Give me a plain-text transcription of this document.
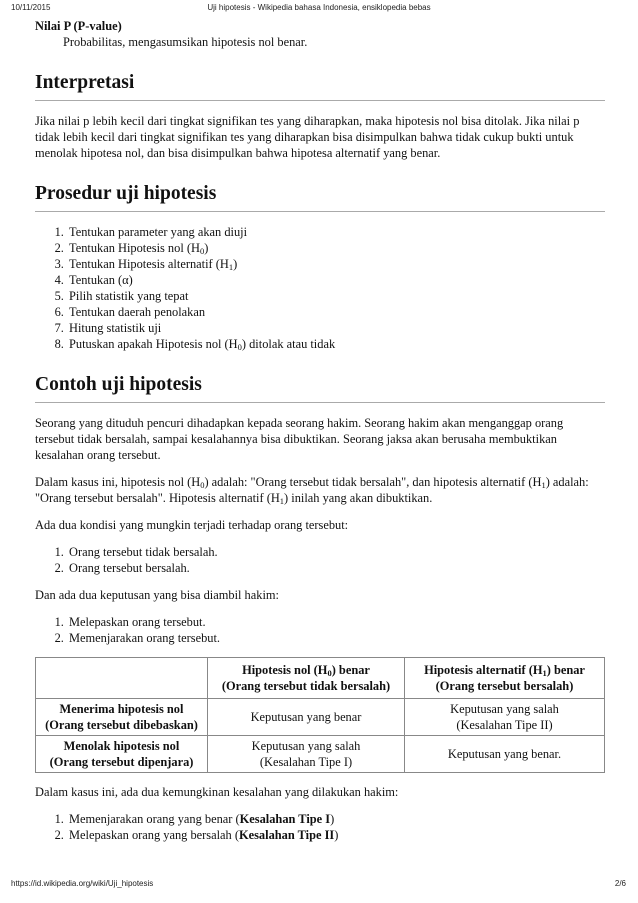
10/11/2015	Uji hipotesis - Wikipedia bahasa Indonesia, ensiklopedia bebas

Nilai P (P-value)

Probabilitas, mengasumsikan hipotesis nol benar.

Interpretasi

Jika nilai p lebih kecil dari tingkat signifikan tes yang diharapkan, maka hipotesis nol bisa ditolak. Jika nilai p tidak lebih kecil dari tingkat signifikan tes yang diharapkan bisa disimpulkan bahwa tidak cukup bukti untuk menolak hipotesa nol, dan bisa disimpulkan bahwa hipotesa alternatif yang benar.

Prosedur uji hipotesis
1. Tentukan parameter yang akan diuji
2. Tentukan Hipotesis nol $(H_0)$
3. Tentukan Hipotesis alternatif $(H_1)$
4. Tentukan (α)
5. Pilih statistik yang tepat
6. Tentukan daerah penolakan
7. Hitung statistik uji
8. Putuskan apakah Hipotesis nol $(H_0)$ ditolak atau tidak
Contoh uji hipotesis

Seorang yang dituduh pencuri dihadapkan kepada seorang hakim. Seorang hakim akan menganggap orang tersebut tidak bersalah, sampai kesalahannya bisa dibuktikan. Seorang jaksa akan berusaha membuktikan kesalahan orang tersebut.

Dalam kasus ini, hipotesis nol $(H_0)$ adalah: "Orang tersebut tidak bersalah", dan hipotesis alternatif $(H_1)$ adalah: "Orang tersebut bersalah". Hipotesis alternatif $(H_1)$ inilah yang akan dibuktikan.

Ada dua kondisi yang mungkin terjadi terhadap orang tersebut:

1. Orang tersebut tidak bersalah.
2. Orang tersebut bersalah.

Dan ada dua keputusan yang bisa diambil hakim:

1. Melepaskan orang tersebut.
2. Memenjarakan orang tersebut.
	Hipotesis nol $(H_0)$ benar
(Orang tersebut tidak bersalah)	Hipotesis alternatif $(H_1)$ benar
(Orang tersebut bersalah)
Menerima hipotesis nol
(Orang tersebut dibebaskan)	Keputusan yang benar	Keputusan yang salah
(Kesalahan Tipe II)
Menolak hipotesis nol
(Orang tersebut dipenjara)	Keputusan yang salah
(Kesalahan Tipe I)	Keputusan yang benar.

Dalam kasus ini, ada dua kemungkinan kesalahan yang dilakukan hakim:

1. Memenjarakan orang yang benar (Kesalahan Tipe I)
2. Melepaskan orang yang bersalah (Kesalahan Tipe II)
https://id.wikipedia.org/wiki/Uji_hipotesis	2/6
